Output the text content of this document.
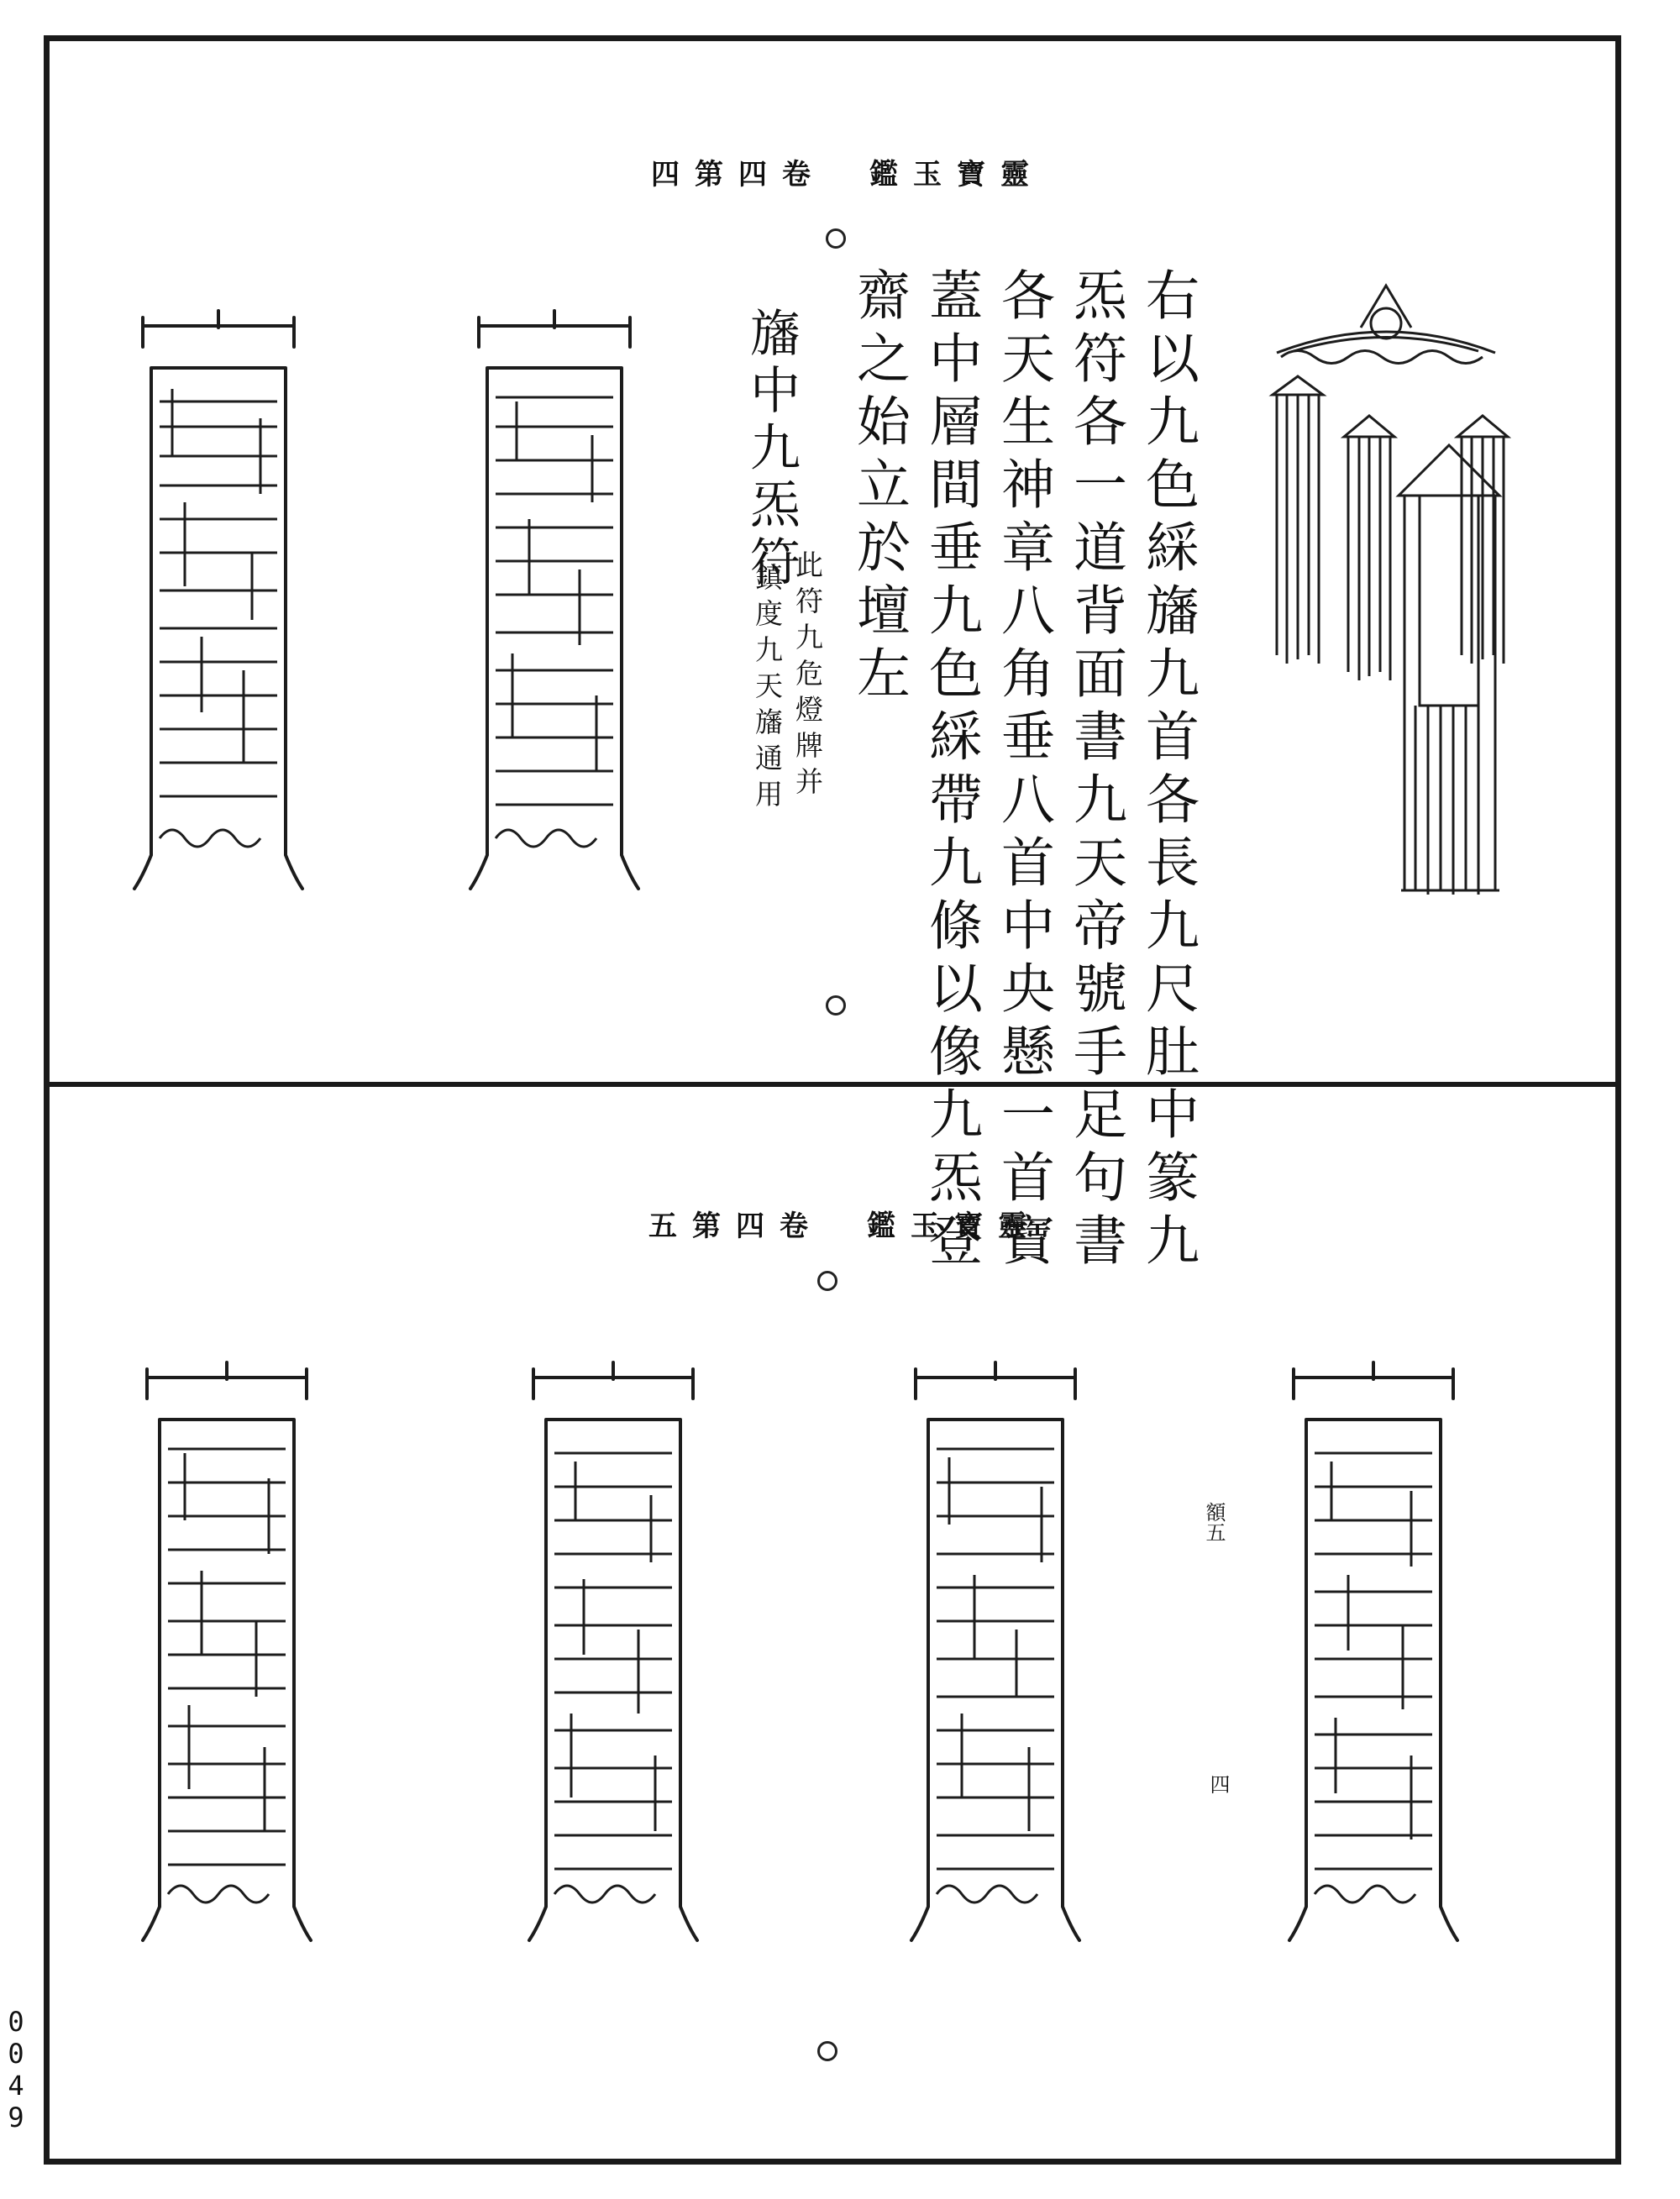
四第四卷　鑑玉寶靈
五第四卷　鑑玉寶靈 右以九色綵旛九首各長九尺肚中篆九
炁符各一道背面書九天帝號手足句書
各天生神章八角垂八首中央懸一首寶
蓋中層間垂九色綵帶九條以像九炁登
齋之始立於壇左
旛中九炁符
此符九危燈牌并
鎮度九天旛通用
額五
四
0
0
4
9
